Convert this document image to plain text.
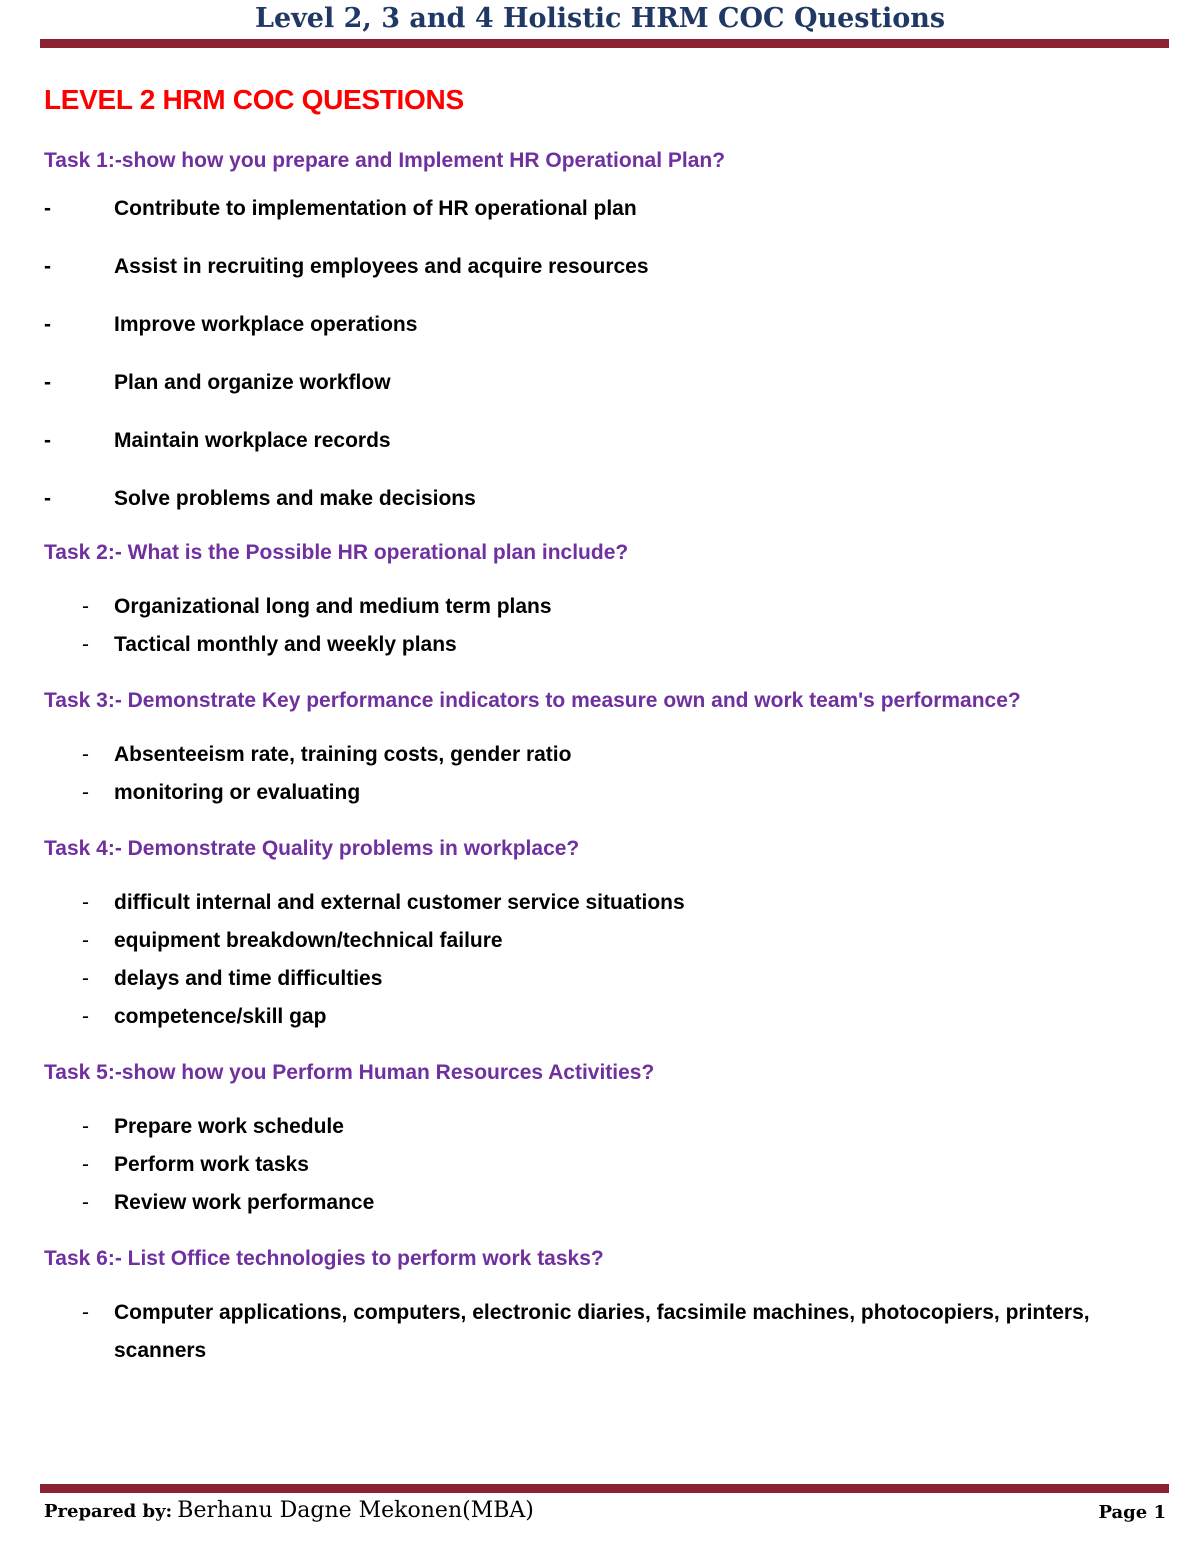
Level 2, 3 and 4 Holistic HRM COC Questions
LEVEL 2 HRM COC QUESTIONS

Task 1:-show how you prepare and Implement HR Operational Plan?

-	Contribute to implementation of HR operational plan
-	Assist in recruiting employees and acquire resources
-	Improve workplace operations
-	Plan and organize workflow
-	Maintain workplace records
-	Solve problems and make decisions

Task 2:- What is the Possible HR operational plan include?

- Organizational long and medium term plans
- Tactical monthly and weekly plans

Task 3:- Demonstrate Key performance indicators to measure own and work team's performance?

- Absenteeism rate, training costs, gender ratio
- monitoring or evaluating

Task 4:- Demonstrate Quality problems in workplace?

- difficult internal and external customer service situations
- equipment breakdown/technical failure
- delays and time difficulties
- competence/skill gap

Task 5:-show how you Perform Human Resources Activities?

- Prepare work schedule
- Perform work tasks
- Review work performance

Task 6:- List Office technologies to perform work tasks?

- Computer applications, computers, electronic diaries, facsimile machines, photocopiers, printers, scanners
Prepared by: Berhanu Dagne Mekonen(MBA)	Page 1
